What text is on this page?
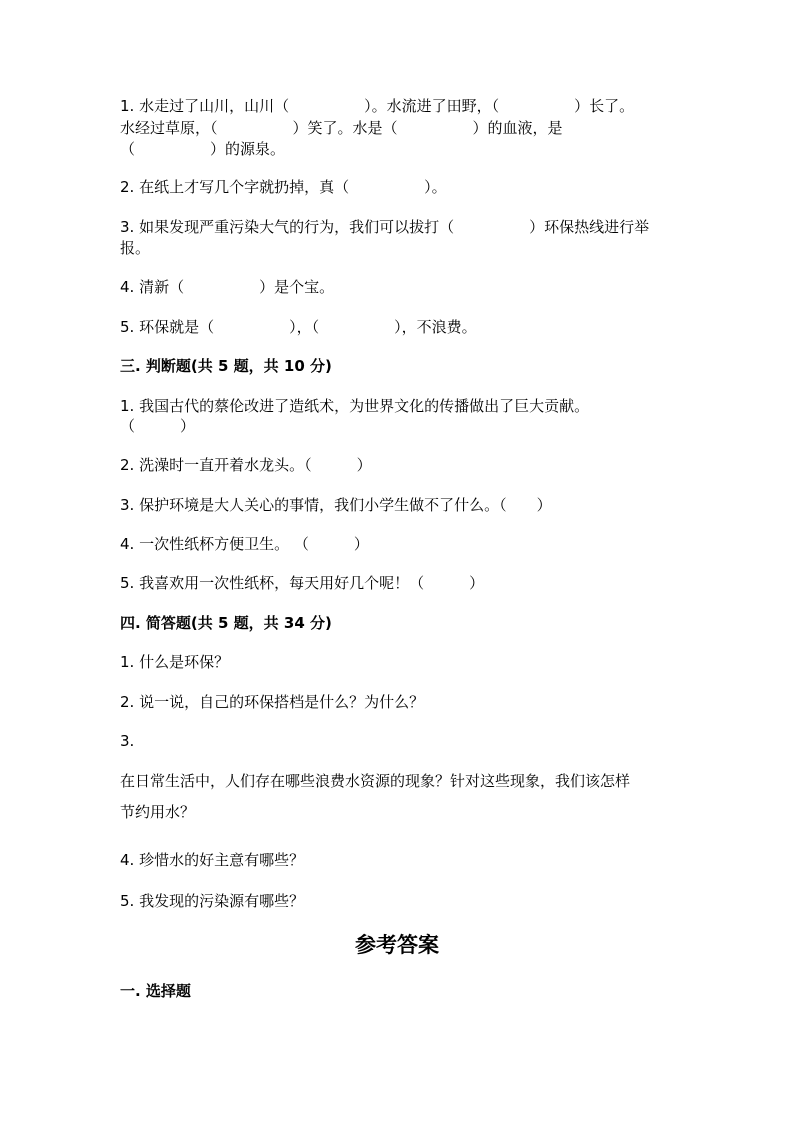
1. 水走过了山川，山川（　　　　　）。水流进了田野，（　　　　　）长了。
水经过草原，（　　　　　）笑了。水是（　　　　　）的血液，是
（　　　　　）的源泉。
2. 在纸上才写几个字就扔掉，真（　　　　　）。
3. 如果发现严重污染大气的行为，我们可以拔打（　　　　　）环保热线进行举
报。
4. 清新（　　　　　）是个宝。
5. 环保就是（　　　　　），（　　　　　），不浪费。
三. 判断题(共 5 题，共 10 分)
1. 我国古代的蔡伦改进了造纸术，为世界文化的传播做出了巨大贡献。
（　　　）
2. 洗澡时一直开着水龙头。（　　　）
3. 保护环境是大人关心的事情，我们小学生做不了什么。（　　）
4. 一次性纸杯方便卫生。 （　　　）
5. 我喜欢用一次性纸杯，每天用好几个呢！（　　　）
四. 简答题(共 5 题，共 34 分)
1. 什么是环保？
2. 说一说，自己的环保搭档是什么？为什么？
3.
在日常生活中，人们存在哪些浪费水资源的现象？针对这些现象，我们该怎样
节约用水？
4. 珍惜水的好主意有哪些？
5. 我发现的污染源有哪些？
参考答案
一. 选择题
